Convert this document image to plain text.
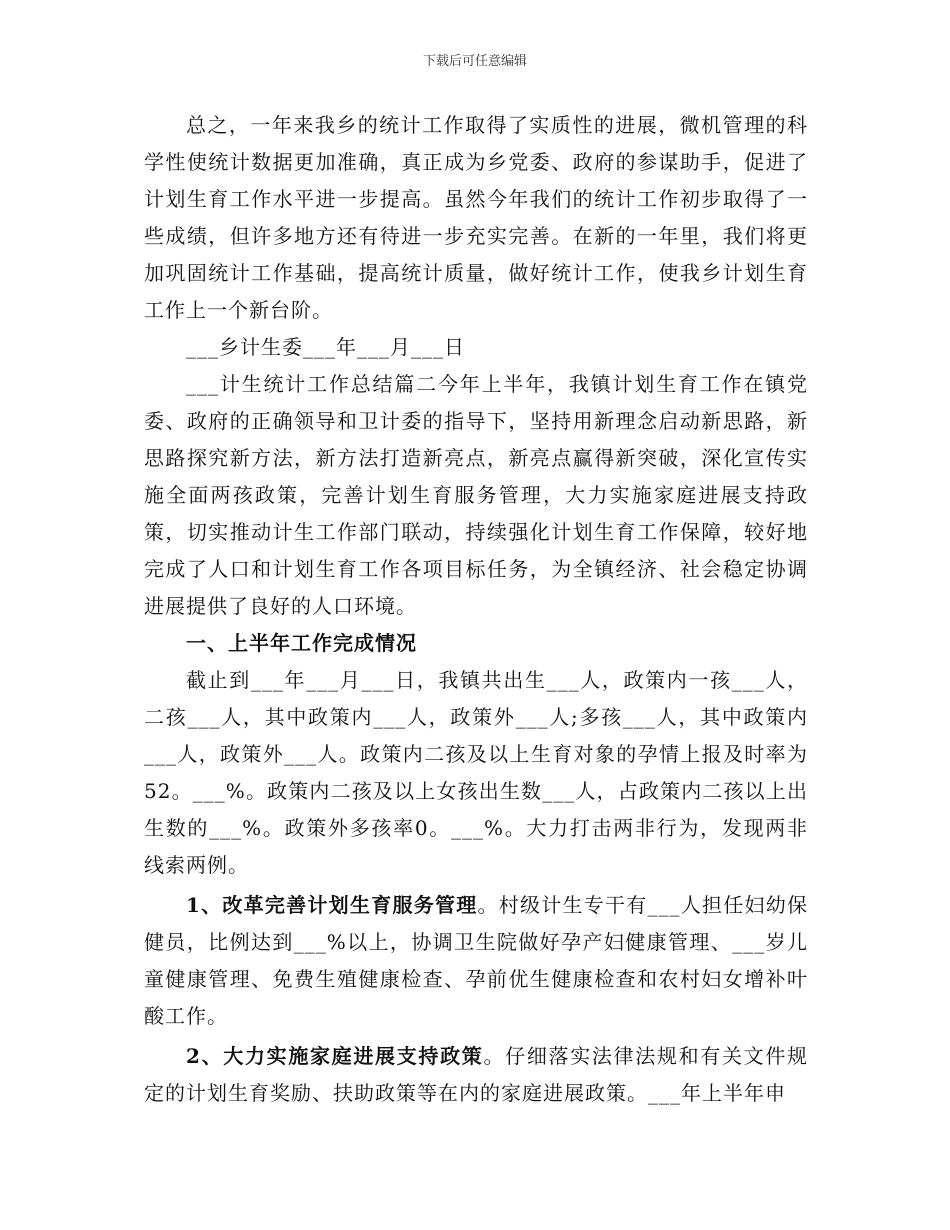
下载后可任意编辑

总之，一年来我乡的统计工作取得了实质性的进展，微机管理的科学性使统计数据更加准确，真正成为乡党委、政府的参谋助手，促进了计划生育工作水平进一步提高。虽然今年我们的统计工作初步取得了一些成绩，但许多地方还有待进一步充实完善。在新的一年里，我们将更加巩固统计工作基础，提高统计质量，做好统计工作，使我乡计划生育工作上一个新台阶。

___乡计生委___年___月___日

___计生统计工作总结篇二今年上半年，我镇计划生育工作在镇党委、政府的正确领导和卫计委的指导下，坚持用新理念启动新思路，新思路探究新方法，新方法打造新亮点，新亮点赢得新突破，深化宣传实施全面两孩政策，完善计划生育服务管理，大力实施家庭进展支持政策，切实推动计生工作部门联动，持续强化计划生育工作保障，较好地完成了人口和计划生育工作各项目标任务，为全镇经济、社会稳定协调进展提供了良好的人口环境。

一、上半年工作完成情况

截止到___年___月___日，我镇共出生___人，政策内一孩___人，二孩___人，其中政策内___人，政策外___人;多孩___人，其中政策内___人，政策外___人。政策内二孩及以上生育对象的孕情上报及时率为52。___%。政策内二孩及以上女孩出生数___人，占政策内二孩以上出生数的___%。政策外多孩率0。___%。大力打击两非行为，发现两非线索两例。

1、改革完善计划生育服务管理。村级计生专干有___人担任妇幼保健员，比例达到___%以上，协调卫生院做好孕产妇健康管理、___岁儿童健康管理、免费生殖健康检查、孕前优生健康检查和农村妇女增补叶酸工作。

2、大力实施家庭进展支持政策。仔细落实法律法规和有关文件规定的计划生育奖励、扶助政策等在内的家庭进展政策。___年上半年申
